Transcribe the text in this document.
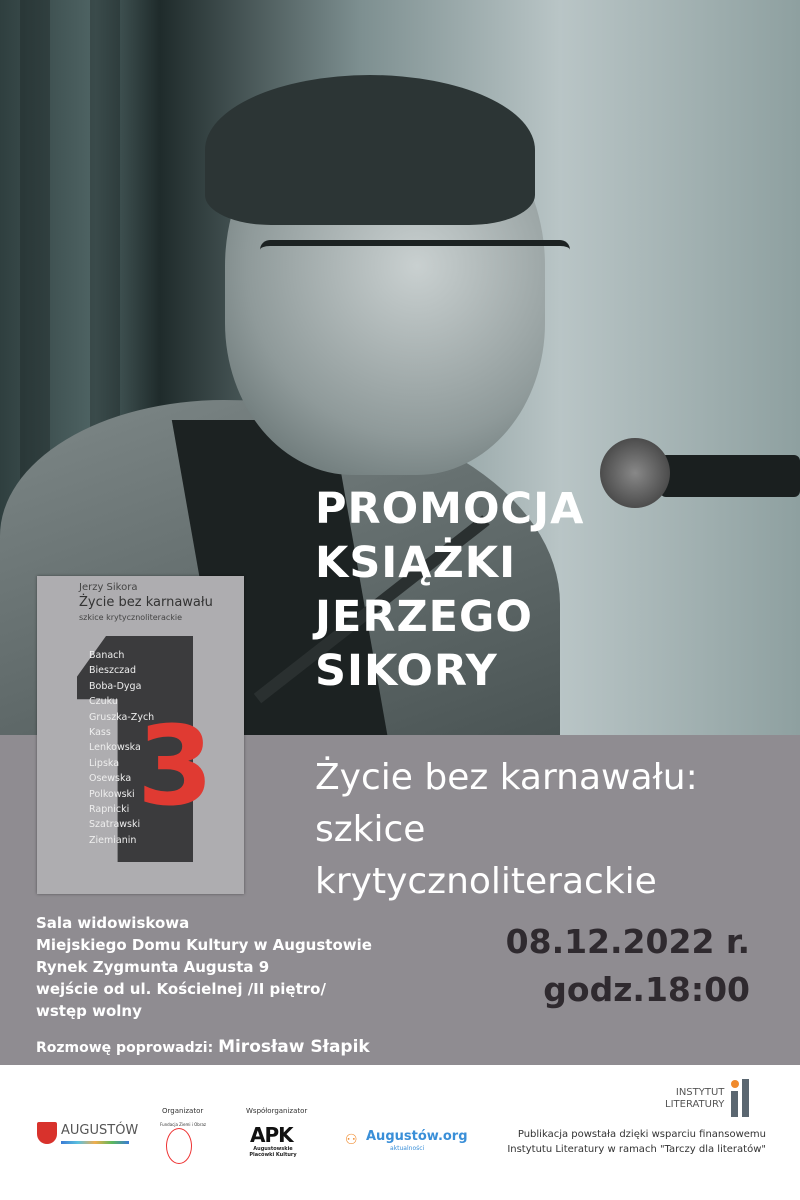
PROMOCJA
KSIĄŻKI
JERZEGO
SIKORY
Życie bez karnawału:
szkice
krytycznoliterackie
Jerzy Sikora
Życie bez karnawału
szkice krytycznoliterackie
Banach
Bieszczad
Boba-Dyga
Czuku
Gruszka-Zych
Kass
Lenkowska
Lipska
Osewska
Polkowski
Rapnicki
Szatrawski
Ziemianin
3
Sala widowiskowa
Miejskiego Domu Kultury w Augustowie
Rynek Zygmunta Augusta 9
wejście od ul. Kościelnej /II piętro/
wstęp wolny
08.12.2022 r.
godz.18:00
Rozmowę poprowadzi: Mirosław Słapik
AUGUSTÓW
Organizator
Fundacja Ziemi i Obraz
Współorganizator
APK
Augustowskie Placówki Kultury
⚇ Augustów.org
aktualności
INSTYTUT
LITERATURY
Publikacja powstała dzięki wsparciu finansowemu
Instytutu Literatury w ramach "Tarczy dla literatów"
